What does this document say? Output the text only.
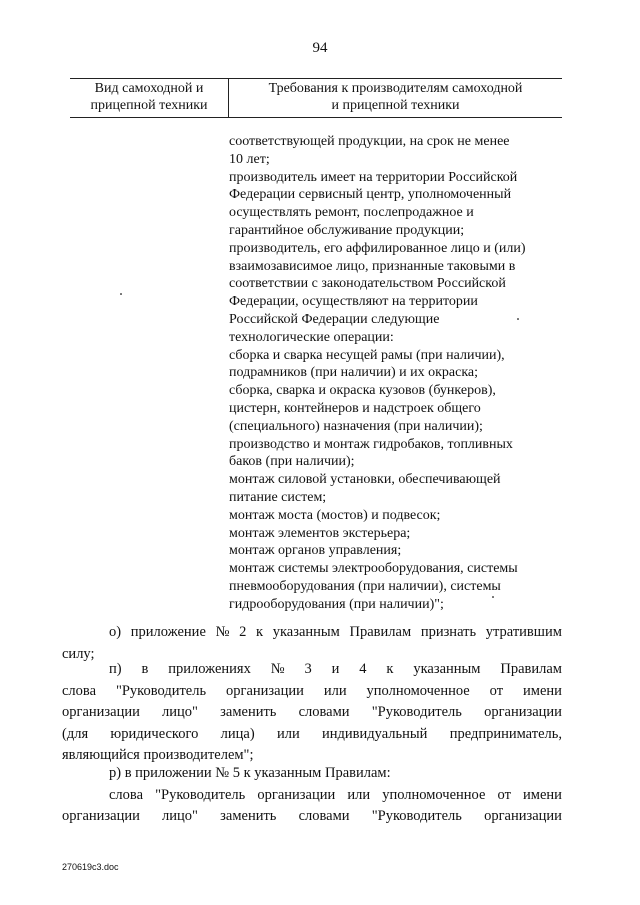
94
Вид самоходной и
прицепной техники
Требования к производителям самоходной
и прицепной техники
соответствующей продукции, на срок не менее
10 лет;
производитель имеет на территории Российской
Федерации сервисный центр, уполномоченный
осуществлять ремонт, послепродажное и
гарантийное обслуживание продукции;
производитель, его аффилированное лицо и (или)
взаимозависимое лицо, признанные таковыми в
соответствии с законодательством Российской
Федерации, осуществляют на территории
Российской Федерации следующие
технологические операции:
сборка и сварка несущей рамы (при наличии),
подрамников (при наличии) и их окраска;
сборка, сварка и окраска кузовов (бункеров),
цистерн, контейнеров и надстроек общего
(специального) назначения (при наличии);
производство и монтаж гидробаков, топливных
баков (при наличии);
монтаж силовой установки, обеспечивающей
питание систем;
монтаж моста (мостов) и подвесок;
монтаж элементов экстерьера;
монтаж органов управления;
монтаж системы электрооборудования, системы
пневмооборудования (при наличии), системы
гидрооборудования (при наличии)";
о) приложение № 2 к указанным Правилам признать утратившим
силу;
п) в приложениях № 3 и 4 к указанным Правилам
слова "Руководитель организации или уполномоченное от имени
организации лицо" заменить словами "Руководитель организации
(для юридического лица) или индивидуальный предприниматель,
являющийся производителем";
р) в приложении № 5 к указанным Правилам:
слова "Руководитель организации или уполномоченное от имени
организации лицо" заменить словами "Руководитель организации
270619c3.doc
